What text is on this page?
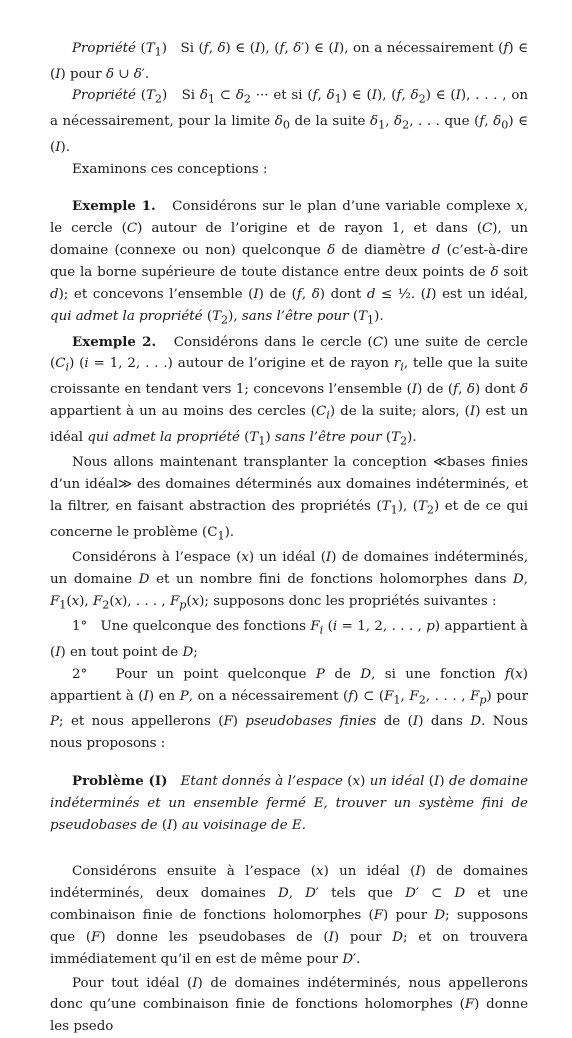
Propriété $(T_1)$   Si (f, δ) ∈ (I), (f, δ′) ∈ (I), on a nécessairement (f) ∈ (I) pour δ ∪ δ′.

Propriété $(T_2)$   Si $\delta_1$ ⊂ $\delta_2$ ··· et si (f, $\delta_1$) ∈ (I), (f, $\delta_2$) ∈ (I), . . . , on a nécessairement, pour la limite $\delta_0$ de la suite $\delta_1$, $\delta_2$, . . . que (f, $\delta_0$) ∈ (I).

Examinons ces conceptions :

Exemple 1.   Considérons sur le plan d’une variable complexe x, le cercle (C) autour de l’origine et de rayon 1, et dans (C), un domaine (connexe ou non) quelconque δ de diamètre d (c’est-à-dire que la borne supérieure de toute distance entre deux points de δ soit d); et concevons l’ensemble (I) de (f, δ) dont d ≤ ½. (I) est un idéal, qui admet la propriété $(T_2)$, sans l’être pour $(T_1)$.

Exemple 2.   Considérons dans le cercle (C) une suite de cercle $(C_i) (i = 1$, 2, . . .) autour de l’origine et de rayon $r_i$, telle que la suite croissante en tendant vers 1; concevons l’ensemble (I) de (f, δ) dont δ appartient à un au moins des cercles $(C_i)$ de la suite; alors, (I) est un idéal qui admet la propriété $(T_1)$ sans l’être pour $(T_2)$.

Nous allons maintenant transplanter la conception ≪bases finies d’un idéal≫ des domaines déterminés aux domaines indéterminés, et la filtrer, en faisant abstraction des propriétés $(T_1)$, $(T_2)$ et de ce qui concerne le problème $(C_1)$.

Considérons à l’espace (x) un idéal (I) de domaines indéterminés, un domaine D et un nombre fini de fonctions holomorphes dans D, $F_1(x)$, $F_2(x)$, . . . , $F_p(x)$; supposons donc les propriétés suivantes :

1°   Une quelconque des fonctions $F_i$ (i = 1, 2, . . . , p) appartient à (I) en tout point de D;

2°   Pour un point quelconque P de D, si une fonction f(x) appartient à (I) en P, on a nécessairement (f) ⊂ ($F_1$, $F_2$, . . . , $F_p$) pour P; et nous appellerons (F) pseudobases finies de (I) dans D. Nous nous proposons :

Problème (I) Etant donnés à l’espace (x) un idéal (I) de domaine indéterminés et un ensemble fermé E, trouver un système fini de pseudobases de (I) au voisinage de E.

Considérons ensuite à l’espace (x) un idéal (I) de domaines indéterminés, deux domaines D, D′ tels que D′ ⊂ D et une combinaison finie de fonctions holomorphes (F) pour D; supposons que (F) donne les pseudobases de (I) pour D; et on trouvera immédiatement qu’il en est de même pour D′.

Pour tout idéal (I) de domaines indéterminés, nous appellerons donc qu’une combinaison finie de fonctions holomorphes (F) donne les psedo
